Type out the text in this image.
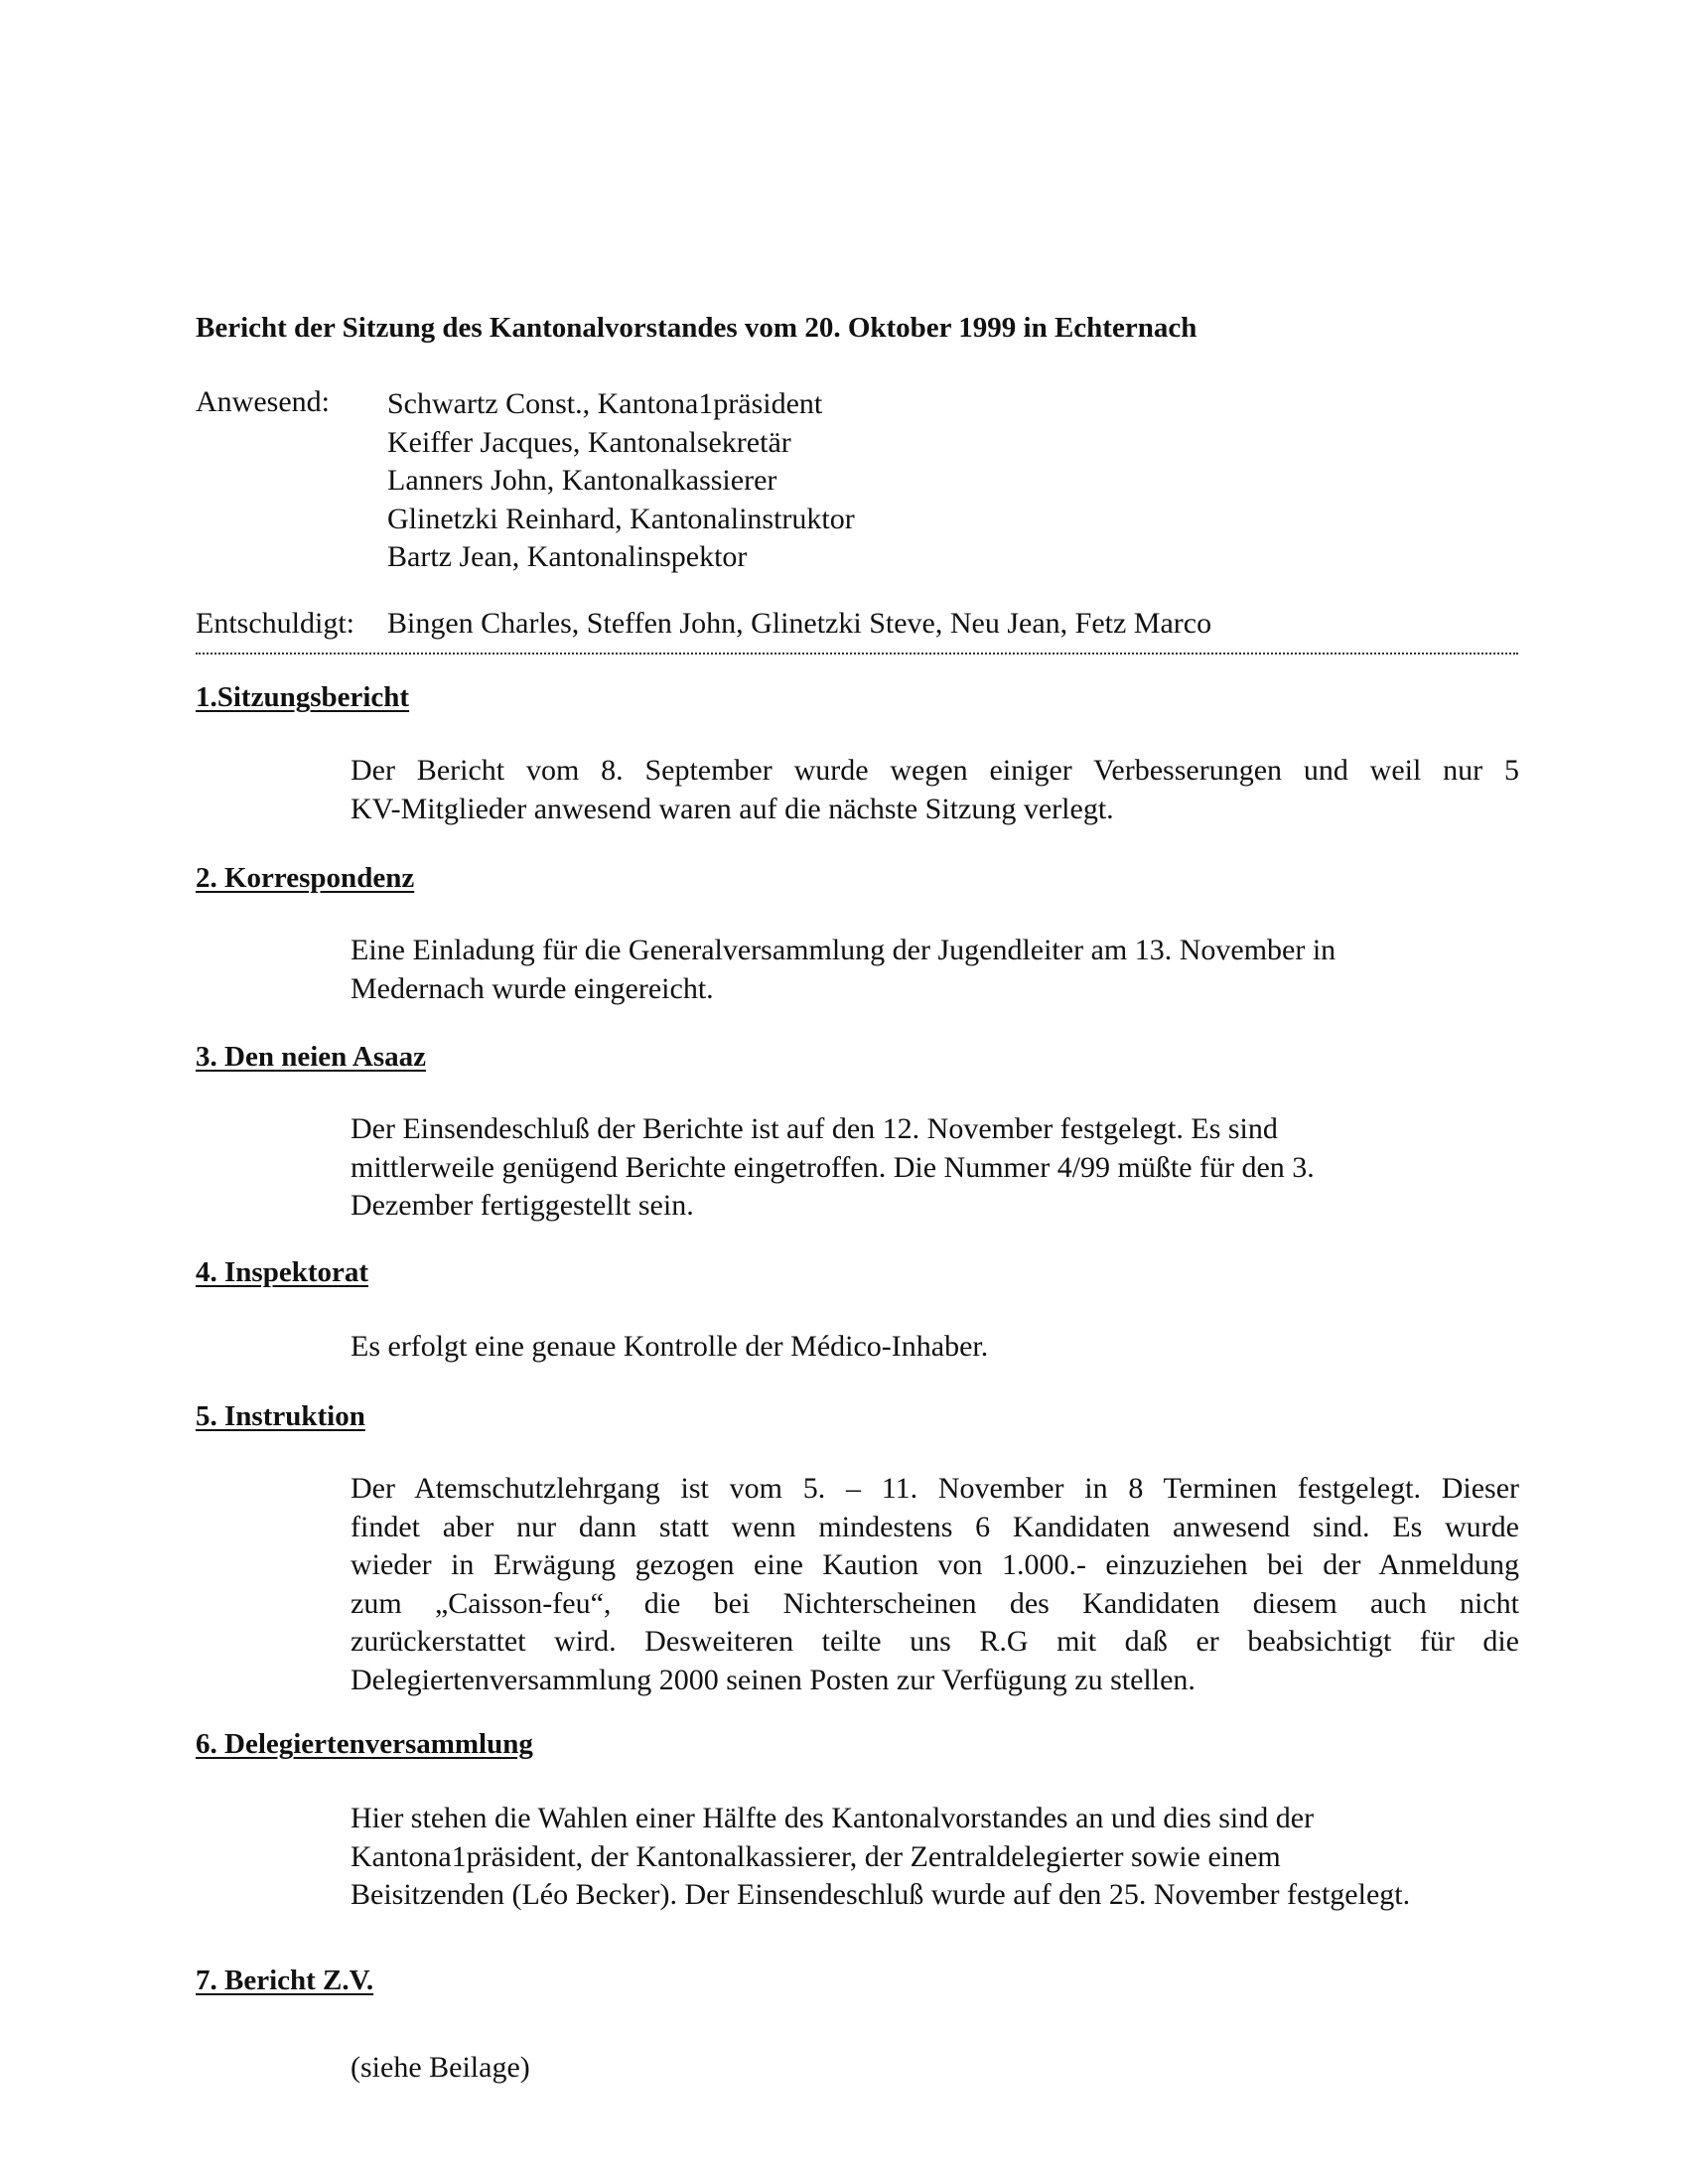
Bericht der Sitzung des Kantonalvorstandes vom 20. Oktober 1999 in Echternach
Anwesend: Schwartz Const., Kantona1präsident
Keiffer Jacques, Kantonalsekretär
Lanners John, Kantonalkassierer
Glinetzki Reinhard, Kantonalinstruktor
Bartz Jean, Kantonalinspektor
Entschuldigt: Bingen Charles, Steffen John, Glinetzki Steve, Neu Jean, Fetz Marco
1.Sitzungsbericht
Der Bericht vom 8. September wurde wegen einiger Verbesserungen und weil nur 5
KV-Mitglieder anwesend waren auf die nächste Sitzung verlegt.
2. Korrespondenz
Eine Einladung für die Generalversammlung der Jugendleiter am 13. November in
Medernach wurde eingereicht.
3. Den neien Asaaz
Der Einsendeschluß der Berichte ist auf den 12. November festgelegt. Es sind
mittlerweile genügend Berichte eingetroffen. Die Nummer 4/99 müßte für den 3.
Dezember fertiggestellt sein.
4. Inspektorat
Es erfolgt eine genaue Kontrolle der Médico-Inhaber.
5. Instruktion
Der Atemschutzlehrgang ist vom 5. – 11. November in 8 Terminen festgelegt. Dieser
findet aber nur dann statt wenn mindestens 6 Kandidaten anwesend sind. Es wurde
wieder in Erwägung gezogen eine Kaution von 1.000.- einzuziehen bei der Anmeldung
zum „Caisson-feu“, die bei Nichterscheinen des Kandidaten diesem auch nicht
zurückerstattet wird. Desweiteren teilte uns R.G mit daß er beabsichtigt für die
Delegiertenversammlung 2000 seinen Posten zur Verfügung zu stellen.
6. Delegiertenversammlung
Hier stehen die Wahlen einer Hälfte des Kantonalvorstandes an und dies sind der
Kantona1präsident, der Kantonalkassierer, der Zentraldelegierter sowie einem
Beisitzenden (Léo Becker). Der Einsendeschluß wurde auf den 25. November festgelegt.
7. Bericht Z.V.
(siehe Beilage)
